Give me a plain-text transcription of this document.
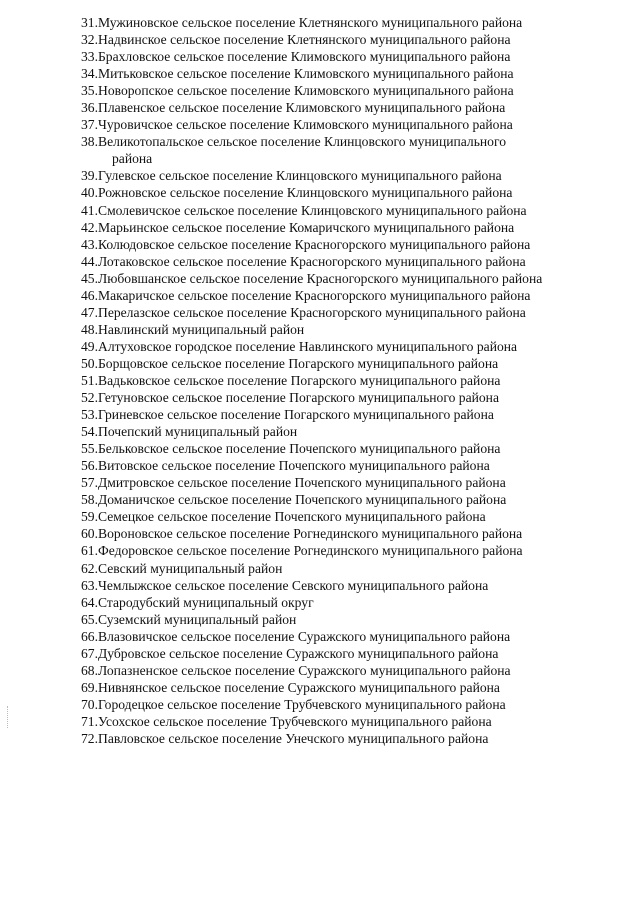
31. Мужиновское сельское поселение Клетнянского муниципального района
32. Надвинское сельское поселение Клетнянского муниципального района
33. Брахловское сельское поселение Климовского муниципального района
34. Митьковское сельское поселение Климовского муниципального района
35. Новоропское сельское поселение Климовского муниципального района
36. Плавенское сельское поселение Климовского муниципального района
37. Чуровичское сельское поселение Климовского муниципального района
38. Великотопальское сельское поселение Клинцовского муниципального
района
39. Гулевское сельское поселение Клинцовского муниципального района
40. Рожновское сельское поселение Клинцовского муниципального района
41. Смолевичское сельское поселение Клинцовского муниципального района
42. Марьинское сельское поселение Комаричского муниципального района
43. Колюдовское сельское поселение Красногорского муниципального района
44. Лотаковское сельское поселение Красногорского муниципального района
45. Любовшанское сельское поселение Красногорского муниципального района
46. Макаричское сельское поселение Красногорского муниципального района
47. Перелазское сельское поселение Красногорского муниципального района
48. Навлинский муниципальный район
49. Алтуховское городское поселение Навлинского муниципального района
50. Борщовское сельское поселение Погарского муниципального района
51. Вадьковское сельское поселение Погарского муниципального района
52. Гетуновское сельское поселение Погарского муниципального района
53. Гриневское сельское поселение Погарского муниципального района
54. Почепский муниципальный район
55. Бельковское сельское поселение Почепского муниципального района
56. Витовское сельское поселение Почепского муниципального района
57. Дмитровское сельское поселение Почепского муниципального района
58. Доманичское сельское поселение Почепского муниципального района
59. Семецкое сельское поселение Почепского муниципального района
60. Вороновское сельское поселение Рогнединского муниципального района
61. Федоровское сельское поселение Рогнединского муниципального района
62. Севский муниципальный район
63. Чемлыжское сельское поселение Севского муниципального района
64. Стародубский муниципальный округ
65. Суземский муниципальный район
66. Влазовичское сельское поселение Суражского муниципального района
67. Дубровское сельское поселение Суражского муниципального района
68. Лопазненское сельское поселение Суражского муниципального района
69. Нивнянское сельское поселение Суражского муниципального района
70. Городецкое сельское поселение Трубчевского муниципального района
71. Усохское сельское поселение Трубчевского муниципального района
72. Павловское сельское поселение Унечского муниципального района
